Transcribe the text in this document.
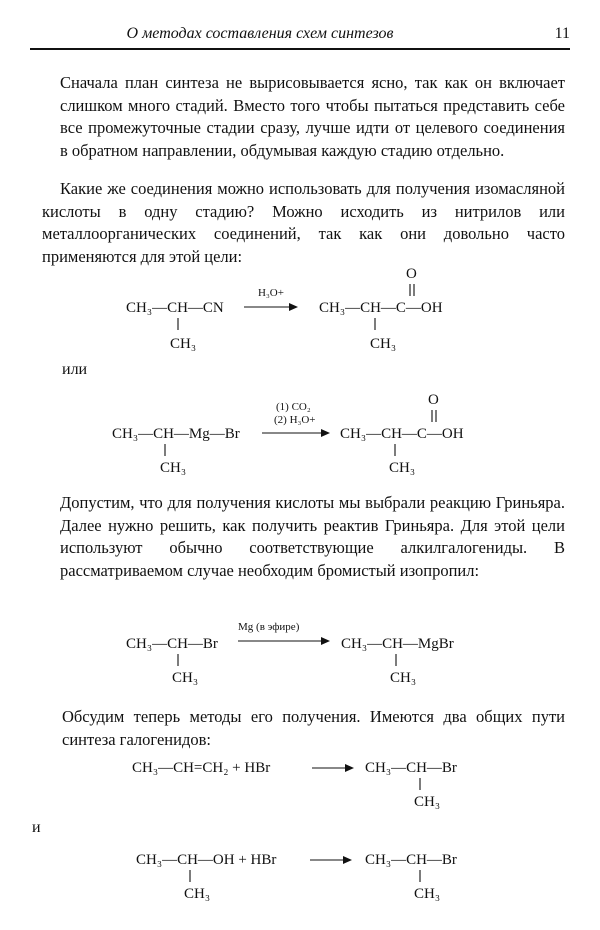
О методах составления схем синтезов	11

Сначала план синтеза не вырисовывается ясно, так как он включает слишком много стадий. Вместо того чтобы пытаться представить себе все промежуточные стадии сразу, лучше идти от целевого соединения в обратном направлении, обдумывая каждую стадию отдельно.

Какие же соединения можно использовать для получения изомасляной кислоты в одну стадию? Можно исходить из нитрилов или металлоорганических соединений, так как они довольно часто применяются для этой цели:

CH₃—CH—CN
CH₃
H₃O+
CH₃—CH—C—OH
O
CH₃
или
CH₃—CH—Mg—Br
CH₃
(1) CO₂
(2) H₃O+
CH₃—CH—C—OH
O
CH₃

Допустим, что для получения кислоты мы выбрали реакцию Гриньяра. Далее нужно решить, как получить реактив Гриньяра. Для этой цели используют обычно соответствующие алкилгалогениды. В рассматриваемом случае необходим бромистый изопропил:

CH₃—CH—Br
CH₃
Mg (в эфире)
CH₃—CH—MgBr
CH₃

Обсудим теперь методы его получения. Имеются два общих пути синтеза галогенидов:

CH₃—CH=CH₂ + HBr	CH₃—CH—Br
CH₃
и
CH₃—CH—OH + HBr
CH₃
CH₃—CH—Br
CH₃
